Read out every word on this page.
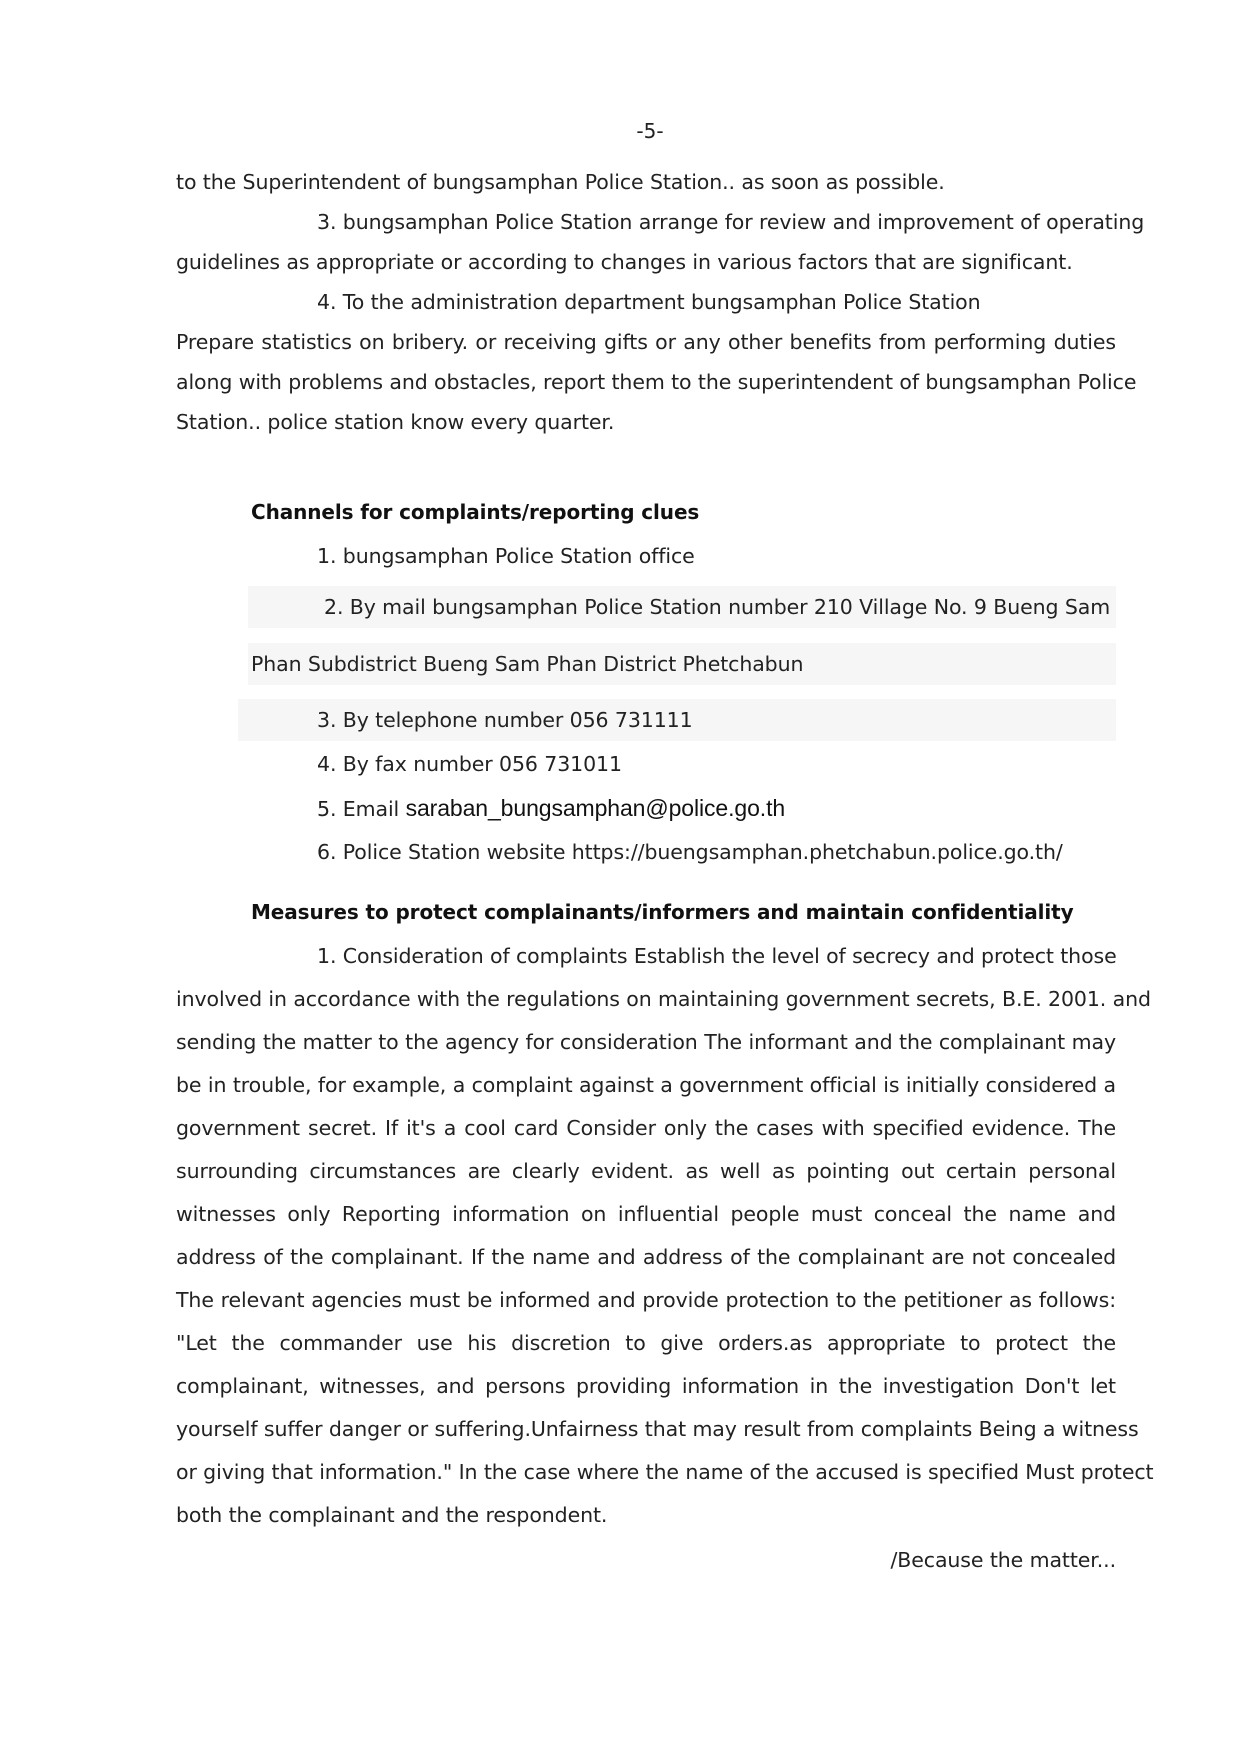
-5-
to the Superintendent of bungsamphan Police Station.. as soon as possible.
3. bungsamphan Police Station arrange for review and improvement of operating
guidelines as appropriate or according to changes in various factors that are significant.
4. To the administration department bungsamphan Police Station
Prepare statistics on bribery. or receiving gifts or any other benefits from performing duties
along with problems and obstacles, report them to the superintendent of bungsamphan Police
Station.. police station know every quarter.
Channels for complaints/reporting clues
1. bungsamphan Police Station office
2. By mail bungsamphan Police Station number 210 Village No. 9 Bueng Sam
Phan Subdistrict Bueng Sam Phan District Phetchabun
3. By telephone number 056 731111
4. By fax number 056 731011
5. Email saraban_bungsamphan@police.go.th
6. Police Station website https://buengsamphan.phetchabun.police.go.th/
Measures to protect complainants/informers and maintain confidentiality
1. Consideration of complaints Establish the level of secrecy and protect those
involved in accordance with the regulations on maintaining government secrets, B.E. 2001. and
sending the matter to the agency for consideration The informant and the complainant may
be in trouble, for example, a complaint against a government official is initially considered a
government secret. If it's a cool card Consider only the cases with specified evidence. The
surrounding circumstances are clearly evident. as well as pointing out certain personal
witnesses only Reporting information on influential people must conceal the name and
address of the complainant. If the name and address of the complainant are not concealed
The relevant agencies must be informed and provide protection to the petitioner as follows:
"Let the commander use his discretion to give orders.as appropriate to protect the
complainant, witnesses, and persons providing information in the investigation Don't let
yourself suffer danger or suffering.Unfairness that may result from complaints Being a witness
or giving that information." In the case where the name of the accused is specified Must protect
both the complainant and the respondent.
/Because the matter...
